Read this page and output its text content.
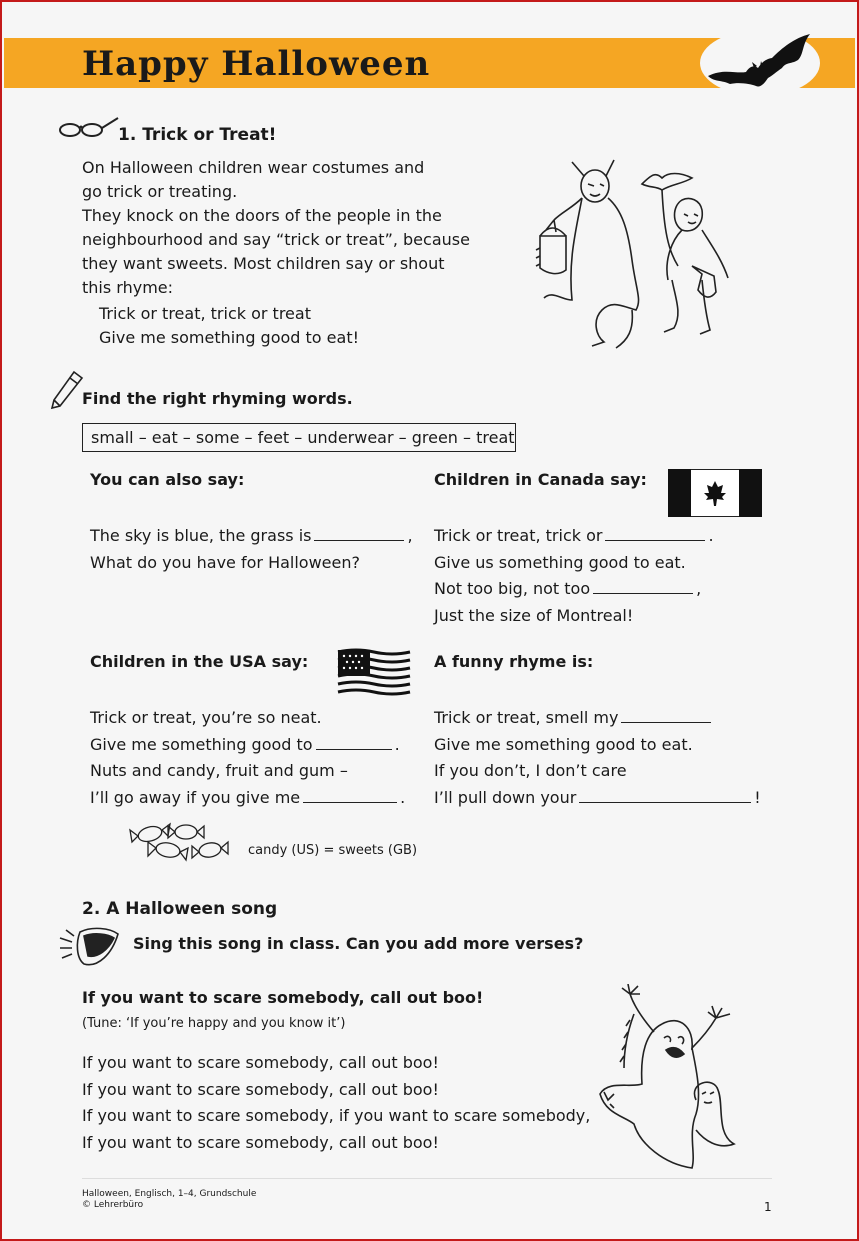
Happy Halloween
1. Trick or Treat!
On Halloween children wear costumes and
go trick or treating.
They knock on the doors of the people in the
neighbourhood and say “trick or treat”, because
they want sweets. Most children say or shout
this rhyme:
Trick or treat, trick or treat
Give me something good to eat!
Find the right rhyming words.
small – eat – some – feet – underwear – green – treat
You can also say:
The sky is blue, the grass is	,
What do you have for Halloween?
Children in Canada say:
Trick or treat, trick or	.
Give us something good to eat.
Not too big, not too	,
Just the size of Montreal!
Children in the USA say:
Trick or treat, you’re so neat.
Give me something good to	.
Nuts and candy, fruit and gum –
I’ll go away if you give me	.
A funny rhyme is:
Trick or treat, smell my
Give me something good to eat.
If you don’t, I don’t care
I’ll pull down your	!
candy (US) = sweets (GB)
2. A Halloween song
Sing this song in class. Can you add more verses?
If you want to scare somebody, call out boo!
(Tune: ‘If you’re happy and you know it’)
If you want to scare somebody, call out boo!
If you want to scare somebody, call out boo!
If you want to scare somebody, if you want to scare somebody,
If you want to scare somebody, call out boo!
Halloween, Englisch, 1–4, Grundschule
© Lehrerbüro	1
